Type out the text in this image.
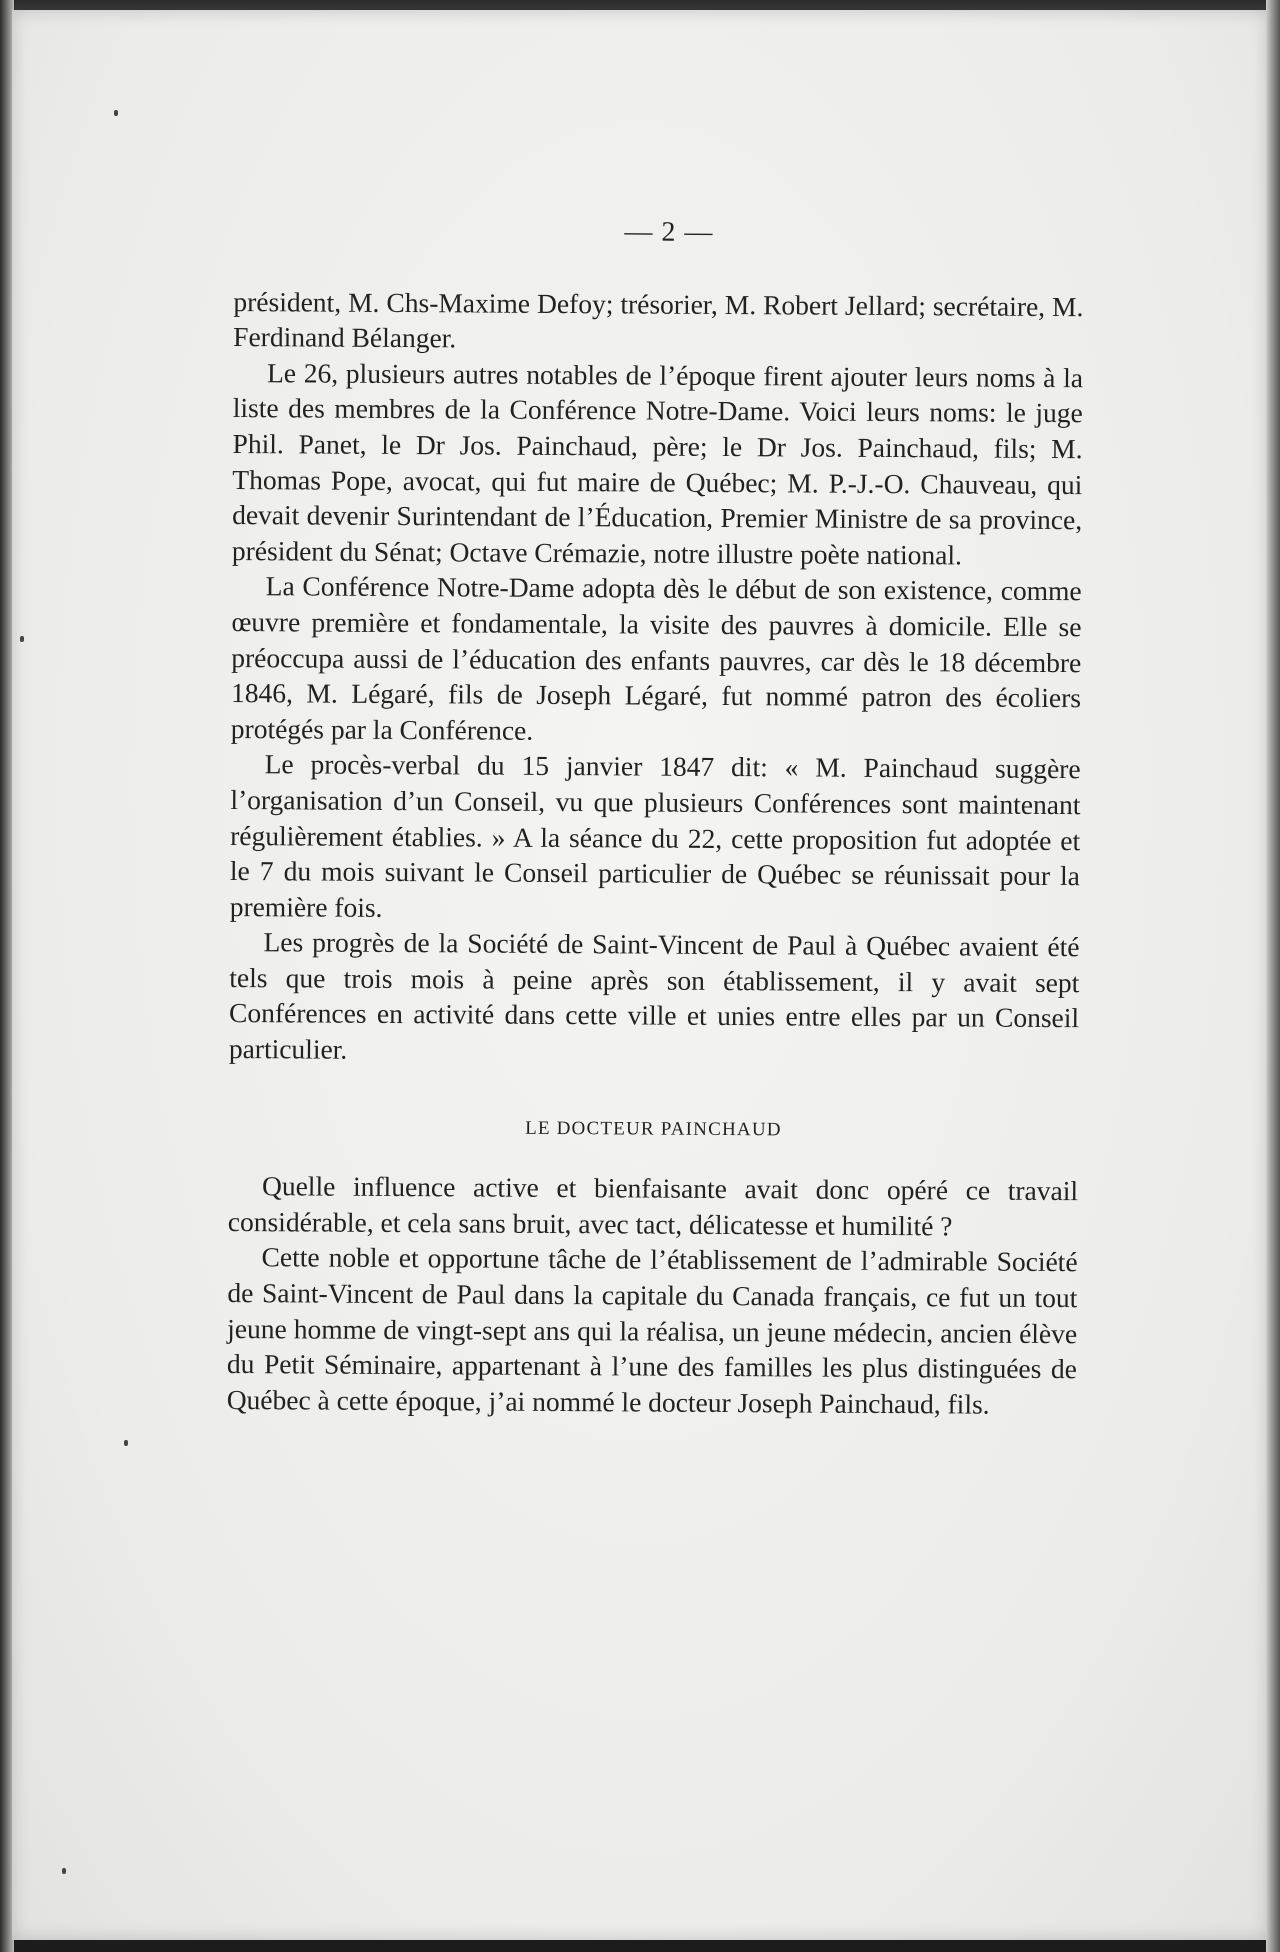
— 2 —

président, M. Chs-Maxime Defoy; trésorier, M. Robert Jellard; secrétaire, M. Ferdinand Bélanger.

Le 26, plusieurs autres notables de l’époque firent ajouter leurs noms à la liste des membres de la Conférence Notre-Dame. Voici leurs noms: le juge Phil. Panet, le Dr Jos. Painchaud, père; le Dr Jos. Painchaud, fils; M. Thomas Pope, avocat, qui fut maire de Québec; M. P.-J.-O. Chauveau, qui devait devenir Surintendant de l’Éducation, Premier Ministre de sa province, président du Sénat; Octave Crémazie, notre illustre poète national.

La Conférence Notre-Dame adopta dès le début de son existence, comme œuvre première et fondamentale, la visite des pauvres à domicile. Elle se préoccupa aussi de l’éducation des enfants pauvres, car dès le 18 décembre 1846, M. Légaré, fils de Joseph Légaré, fut nommé patron des écoliers protégés par la Conférence.

Le procès-verbal du 15 janvier 1847 dit: « M. Painchaud suggère l’organisation d’un Conseil, vu que plusieurs Conférences sont maintenant régulièrement établies. » A la séance du 22, cette proposition fut adoptée et le 7 du mois suivant le Conseil particulier de Québec se réunissait pour la première fois.

Les progrès de la Société de Saint-Vincent de Paul à Québec avaient été tels que trois mois à peine après son établissement, il y avait sept Conférences en activité dans cette ville et unies entre elles par un Conseil particulier.

LE DOCTEUR PAINCHAUD

Quelle influence active et bienfaisante avait donc opéré ce travail considérable, et cela sans bruit, avec tact, délicatesse et humilité ?

Cette noble et opportune tâche de l’établissement de l’admirable Société de Saint-Vincent de Paul dans la capitale du Canada français, ce fut un tout jeune homme de vingt-sept ans qui la réalisa, un jeune médecin, ancien élève du Petit Séminaire, appartenant à l’une des familles les plus distinguées de Québec à cette époque, j’ai nommé le docteur Joseph Painchaud, fils.
